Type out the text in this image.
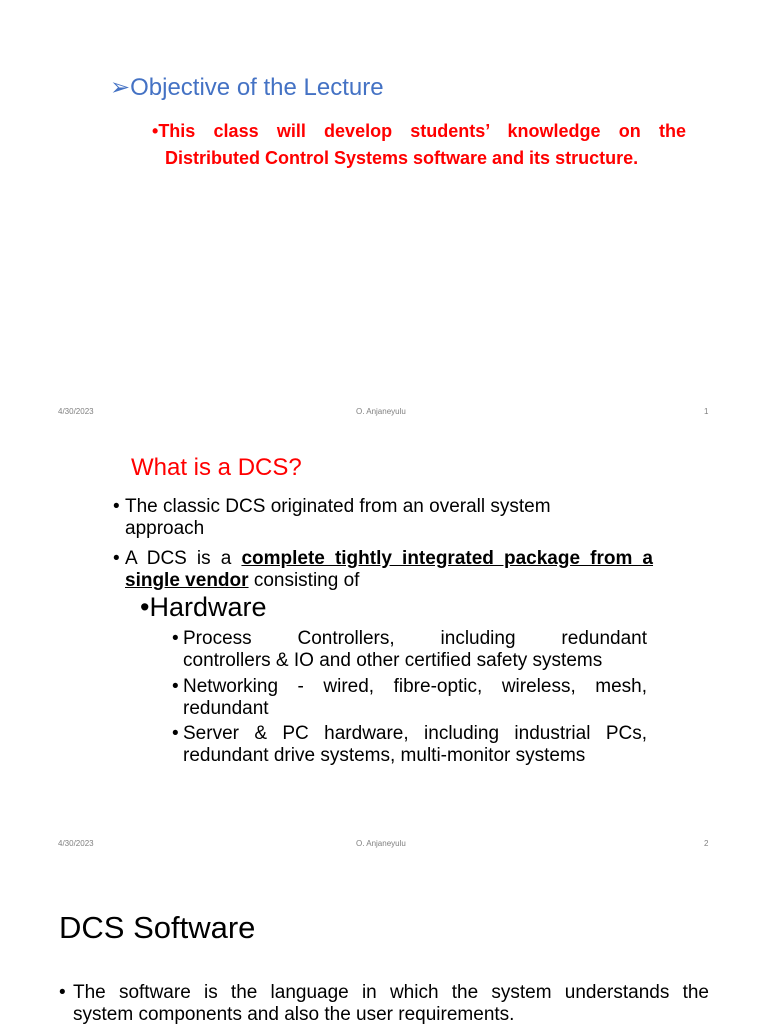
➢Objective of the Lecture
•This class will develop students’ knowledge on the
Distributed Control Systems software and its structure.
4/30/2023	O. Anjaneyulu	1
What is a DCS?
• The classic DCS originated from an overall system
approach
• A DCS is a complete tightly integrated package from a
single vendor consisting of
•Hardware
• Process Controllers, including redundant
controllers & IO and other certified safety systems
• Networking - wired, fibre-optic, wireless, mesh,
redundant
• Server & PC hardware, including industrial PCs,
redundant drive systems, multi-monitor systems
4/30/2023	O. Anjaneyulu	2
DCS Software
• The software is the language in which the system understands the
system components and also the user requirements.
